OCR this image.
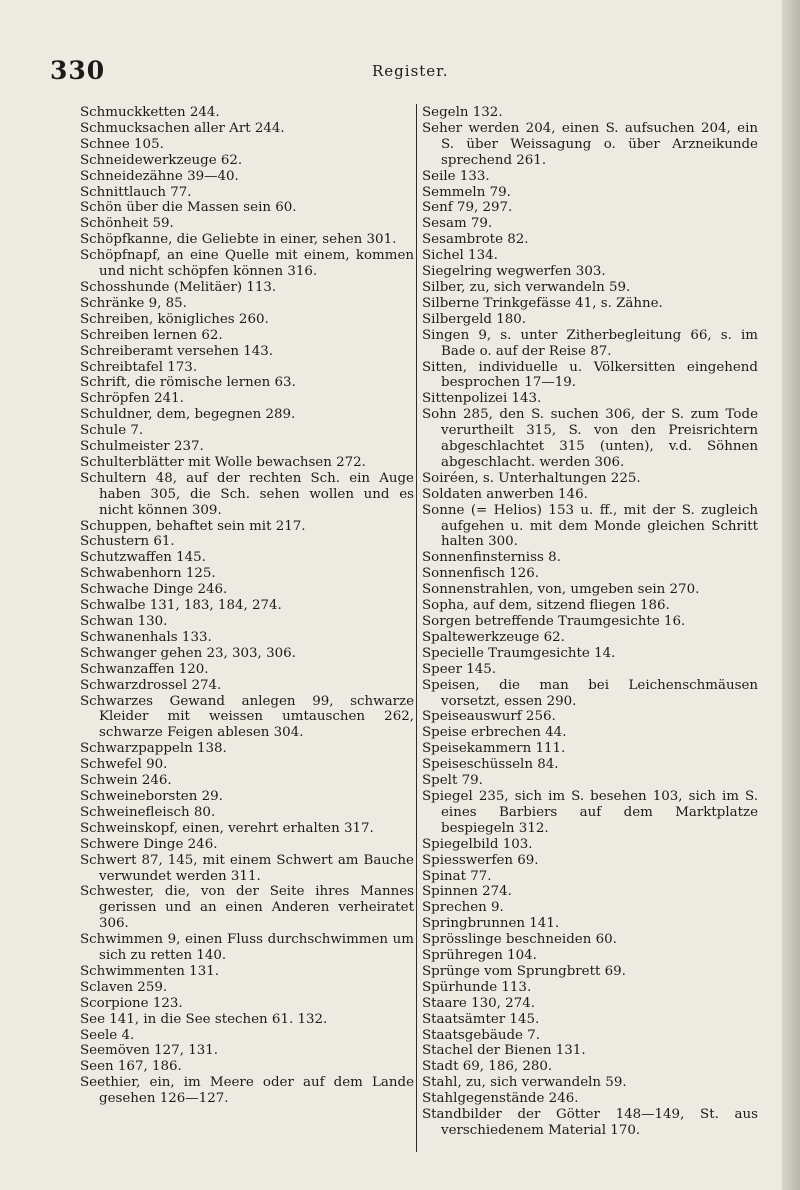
330	Register.

Schmuckketten 244.

Schmucksachen aller Art 244.

Schnee 105.

Schneidewerkzeuge 62.

Schneidezähne 39—40.

Schnittlauch 77.

Schön über die Massen sein 60.

Schönheit 59.

Schöpfkanne, die Geliebte in einer, sehen 301.

Schöpfnapf, an eine Quelle mit einem, kommen und nicht schöpfen können 316.

Schosshunde (Melitäer) 113.

Schränke 9, 85.

Schreiben, königliches 260.

Schreiben lernen 62.

Schreiberamt versehen 143.

Schreibtafel 173.

Schrift, die römische lernen 63.

Schröpfen 241.

Schuldner, dem, begegnen 289.

Schule 7.

Schulmeister 237.

Schulterblätter mit Wolle bewachsen 272.

Schultern 48, auf der rechten Sch. ein Auge haben 305, die Sch. sehen wollen und es nicht können 309.

Schuppen, behaftet sein mit 217.

Schustern 61.

Schutzwaffen 145.

Schwabenhorn 125.

Schwache Dinge 246.

Schwalbe 131, 183, 184, 274.

Schwan 130.

Schwanenhals 133.

Schwanger gehen 23, 303, 306.

Schwanzaffen 120.

Schwarzdrossel 274.

Schwarzes Gewand anlegen 99, schwarze Kleider mit weissen umtauschen 262, schwarze Feigen ablesen 304.

Schwarzpappeln 138.

Schwefel 90.

Schwein 246.

Schweineborsten 29.

Schweinefleisch 80.

Schweinskopf, einen, verehrt erhalten 317.

Schwere Dinge 246.

Schwert 87, 145, mit einem Schwert am Bauche verwundet werden 311.

Schwester, die, von der Seite ihres Mannes gerissen und an einen Anderen verheiratet 306.

Schwimmen 9, einen Fluss durchschwimmen um sich zu retten 140.

Schwimmenten 131.

Sclaven 259.

Scorpione 123.

See 141, in die See stechen 61. 132.

Seele 4.

Seemöven 127, 131.

Seen 167, 186.

Seethier, ein, im Meere oder auf dem Lande gesehen 126—127.

Segeln 132.

Seher werden 204, einen S. aufsuchen 204, ein S. über Weissagung o. über Arzneikunde sprechend 261.

Seile 133.

Semmeln 79.

Senf 79, 297.

Sesam 79.

Sesambrote 82.

Sichel 134.

Siegelring wegwerfen 303.

Silber, zu, sich verwandeln 59.

Silberne Trinkgefässe 41, s. Zähne.

Silbergeld 180.

Singen 9, s. unter Zitherbegleitung 66, s. im Bade o. auf der Reise 87.

Sitten, individuelle u. Völkersitten eingehend besprochen 17—19.

Sittenpolizei 143.

Sohn 285, den S. suchen 306, der S. zum Tode verurtheilt 315, S. von den Preisrichtern abgeschlachtet 315 (unten), v.d. Söhnen abgeschlacht. werden 306.

Soiréen, s. Unterhaltungen 225.

Soldaten anwerben 146.

Sonne (= Helios) 153 u. ff., mit der S. zugleich aufgehen u. mit dem Monde gleichen Schritt halten 300.

Sonnenfinsterniss 8.

Sonnenfisch 126.

Sonnenstrahlen, von, umgeben sein 270.

Sopha, auf dem, sitzend fliegen 186.

Sorgen betreffende Traumgesichte 16.

Spaltewerkzeuge 62.

Specielle Traumgesichte 14.

Speer 145.

Speisen, die man bei Leichenschmäusen vorsetzt, essen 290.

Speiseauswurf 256.

Speise erbrechen 44.

Speisekammern 111.

Speiseschüsseln 84.

Spelt 79.

Spiegel 235, sich im S. besehen 103, sich im S. eines Barbiers auf dem Marktplatze bespiegeln 312.

Spiegelbild 103.

Spiesswerfen 69.

Spinat 77.

Spinnen 274.

Sprechen 9.

Springbrunnen 141.

Sprösslinge beschneiden 60.

Sprühregen 104.

Sprünge vom Sprungbrett 69.

Spürhunde 113.

Staare 130, 274.

Staatsämter 145.

Staatsgebäude 7.

Stachel der Bienen 131.

Stadt 69, 186, 280.

Stahl, zu, sich verwandeln 59.

Stahlgegenstände 246.

Standbilder der Götter 148—149, St. aus verschiedenem Material 170.
